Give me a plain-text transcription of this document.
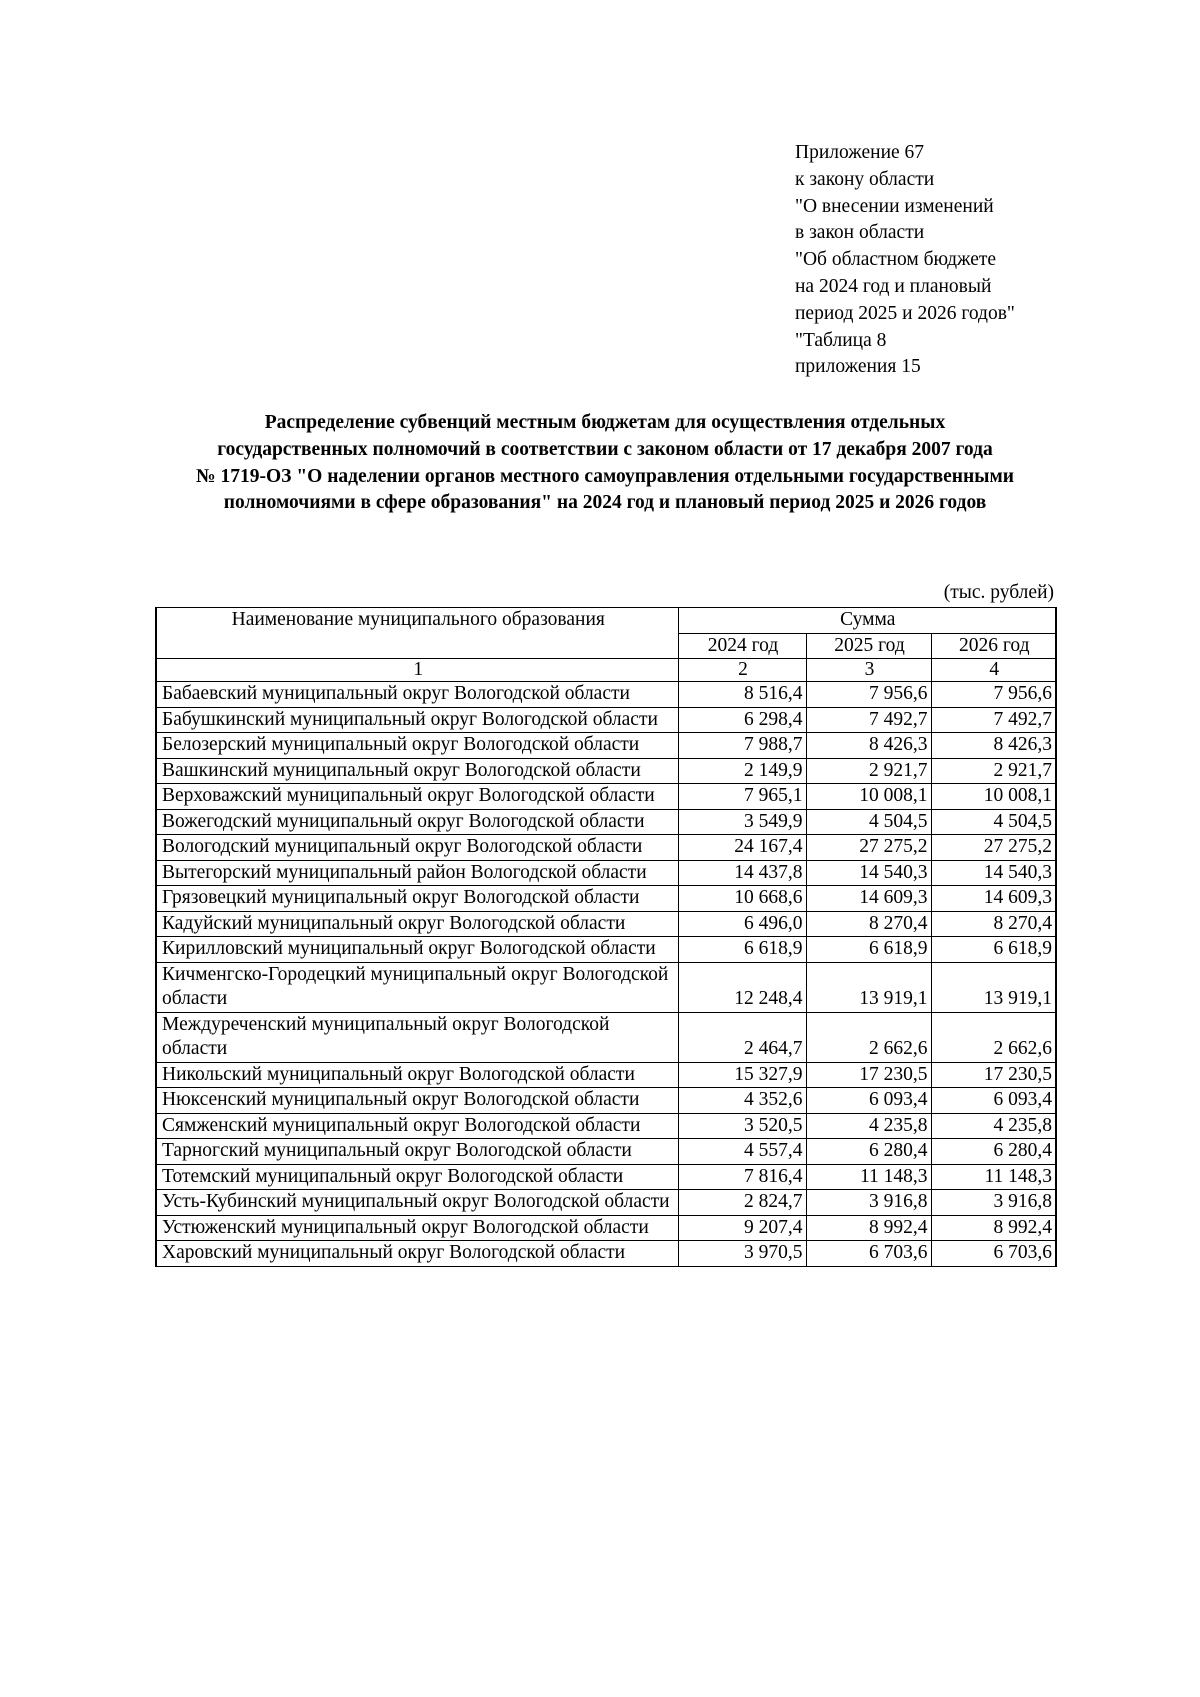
Приложение 67
к закону области
"О внесении изменений
в закон области
"Об областном бюджете
на 2024 год и плановый
период 2025 и 2026 годов"
"Таблица 8
приложения 15
Распределение субвенций местным бюджетам для осуществления отдельных
государственных полномочий в соответствии с законом области от 17 декабря 2007 года
№ 1719-ОЗ "О наделении органов местного самоуправления отдельными государственными
полномочиями в сфере образования" на 2024 год и плановый период 2025 и 2026 годов
(тыс. рублей)
Наименование муниципального образования	Сумма		
	2024 год	2025 год	2026 год
1	2	3	4
Бабаевский муниципальный округ Вологодской области	8 516,4	7 956,6	7 956,6
Бабушкинский муниципальный округ Вологодской области	6 298,4	7 492,7	7 492,7
Белозерский муниципальный округ Вологодской области	7 988,7	8 426,3	8 426,3
Вашкинский муниципальный округ Вологодской области	2 149,9	2 921,7	2 921,7
Верховажский муниципальный округ Вологодской области	7 965,1	10 008,1	10 008,1
Вожегодский муниципальный округ Вологодской области	3 549,9	4 504,5	4 504,5
Вологодский муниципальный округ Вологодской области	24 167,4	27 275,2	27 275,2
Вытегорский муниципальный район Вологодской области	14 437,8	14 540,3	14 540,3
Грязовецкий муниципальный округ Вологодской области	10 668,6	14 609,3	14 609,3
Кадуйский муниципальный округ Вологодской области	6 496,0	8 270,4	8 270,4
Кирилловский муниципальный округ Вологодской области	6 618,9	6 618,9	6 618,9
Кичменгско-Городецкий муниципальный округ Вологодской области	12 248,4	13 919,1	13 919,1
Междуреченский муниципальный округ Вологодской области	2 464,7	2 662,6	2 662,6
Никольский муниципальный округ Вологодской области	15 327,9	17 230,5	17 230,5
Нюксенский муниципальный округ Вологодской области	4 352,6	6 093,4	6 093,4
Сямженский муниципальный округ Вологодской области	3 520,5	4 235,8	4 235,8
Тарногский муниципальный округ Вологодской области	4 557,4	6 280,4	6 280,4
Тотемский муниципальный округ Вологодской области	7 816,4	11 148,3	11 148,3
Усть-Кубинский муниципальный округ Вологодской области	2 824,7	3 916,8	3 916,8
Устюженский муниципальный округ Вологодской области	9 207,4	8 992,4	8 992,4
Харовский муниципальный округ Вологодской области	3 970,5	6 703,6	6 703,6
